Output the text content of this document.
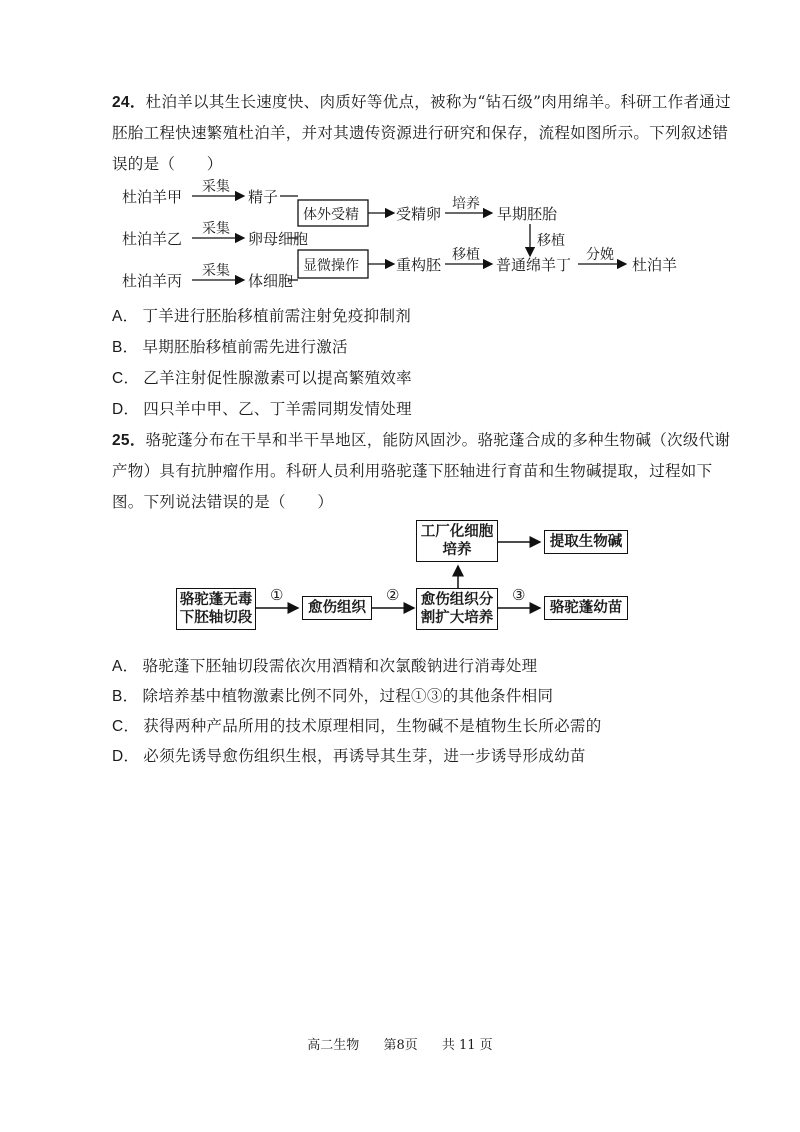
24．杜泊羊以其生长速度快、肉质好等优点，被称为“钻石级”肉用绵羊。科研工作者通过
胚胎工程快速繁殖杜泊羊，并对其遗传资源进行研究和保存，流程如图所示。下列叙述错
误的是（　　）
杜泊羊甲
杜泊羊乙
杜泊羊丙
采集
采集
采集
精子
卵母细胞
体细胞
体外受精
显微操作
受精卵
重构胚
培养
早期胚胎
移植
移植
普通绵羊丁
分娩
杜泊羊
A． 丁羊进行胚胎移植前需注射免疫抑制剂
B． 早期胚胎移植前需先进行激活
C． 乙羊注射促性腺激素可以提高繁殖效率
D． 四只羊中甲、乙、丁羊需同期发情处理
25．骆驼蓬分布在干旱和半干旱地区，能防风固沙。骆驼蓬合成的多种生物碱（次级代谢
产物）具有抗肿瘤作用。科研人员利用骆驼蓬下胚轴进行育苗和生物碱提取，过程如下
图。下列说法错误的是（　　）
骆驼蓬无毒
下胚轴切段
愈伤组织	愈伤组织分
割扩大培养
工厂化细胞
培养	提取生物碱
骆驼蓬幼苗
①	②	③
A． 骆驼蓬下胚轴切段需依次用酒精和次氯酸钠进行消毒处理
B． 除培养基中植物激素比例不同外，过程①③的其他条件相同
C． 获得两种产品所用的技术原理相同，生物碱不是植物生长所必需的
D． 必须先诱导愈伤组织生根，再诱导其生芽，进一步诱导形成幼苗
高二生物 第8页 共 11 页
